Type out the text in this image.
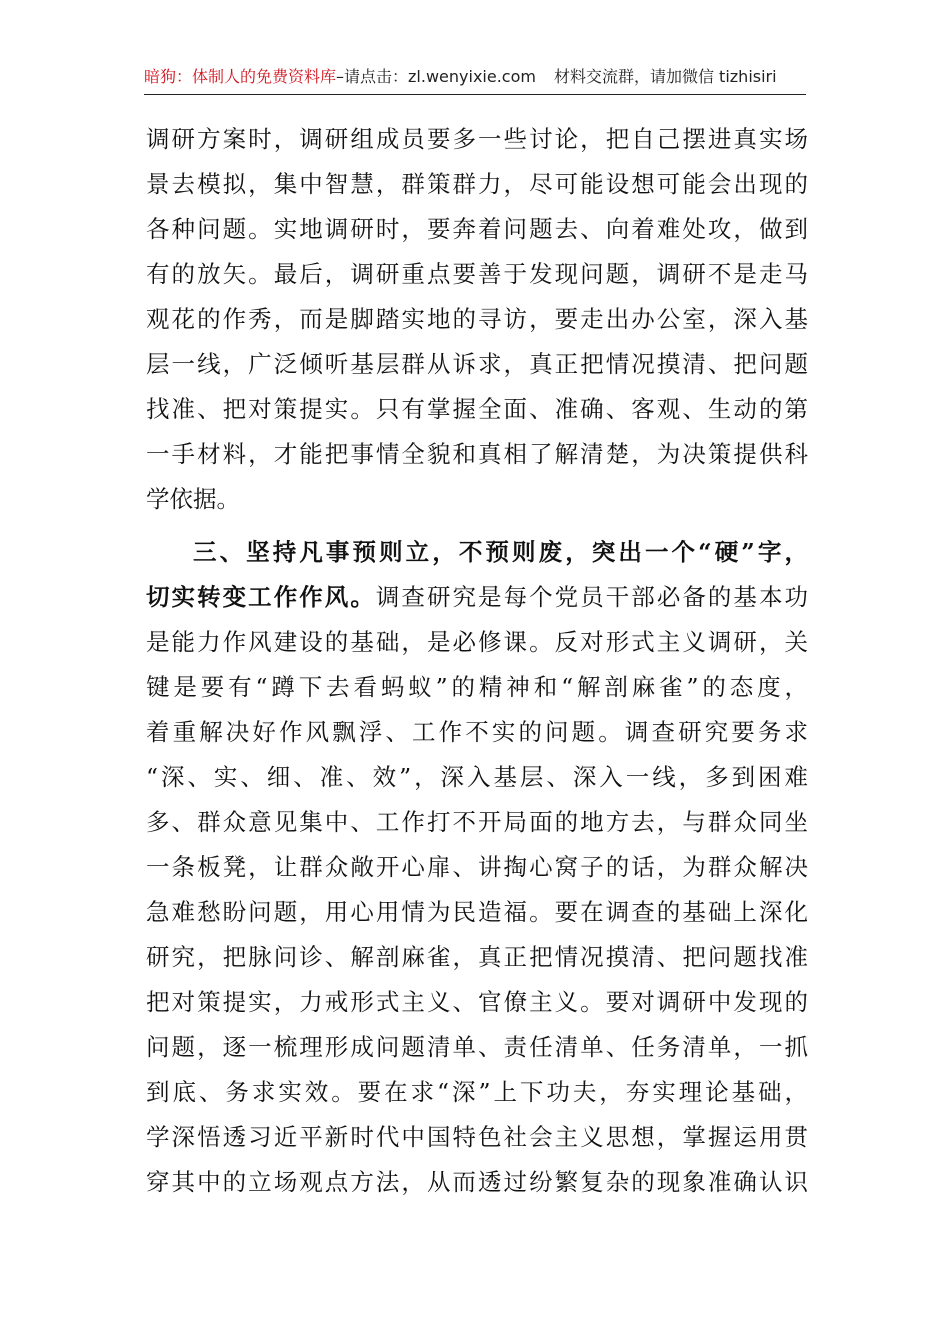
暗狗：体制人的免费资料库–请点击：zl.wenyixie.com 材料交流群，请加微信 tizhisiri
调研方案时，调研组成员要多一些讨论，把自己摆进真实场
景去模拟，集中智慧，群策群力，尽可能设想可能会出现的
各种问题。实地调研时，要奔着问题去、向着难处攻，做到
有的放矢。最后，调研重点要善于发现问题，调研不是走马
观花的作秀，而是脚踏实地的寻访，要走出办公室，深入基
层一线，广泛倾听基层群从诉求，真正把情况摸清、把问题
找准、把对策提实。只有掌握全面、准确、客观、生动的第
一手材料，才能把事情全貌和真相了解清楚，为决策提供科
学依据。
三、坚持凡事预则立，不预则废，突出一个“硬”字，
切实转变工作作风。调查研究是每个党员干部必备的基本功
是能力作风建设的基础，是必修课。反对形式主义调研，关
键是要有“蹲下去看蚂蚁”的精神和“解剖麻雀”的态度，
着重解决好作风飘浮、工作不实的问题。调查研究要务求
“深、实、细、准、效”，深入基层、深入一线，多到困难
多、群众意见集中、工作打不开局面的地方去，与群众同坐
一条板凳，让群众敞开心扉、讲掏心窝子的话，为群众解决
急难愁盼问题，用心用情为民造福。要在调查的基础上深化
研究，把脉问诊、解剖麻雀，真正把情况摸清、把问题找准
把对策提实，力戒形式主义、官僚主义。要对调研中发现的
问题，逐一梳理形成问题清单、责任清单、任务清单，一抓
到底、务求实效。要在求“深”上下功夫，夯实理论基础，
学深悟透习近平新时代中国特色社会主义思想，掌握运用贯
穿其中的立场观点方法，从而透过纷繁复杂的现象准确认识
